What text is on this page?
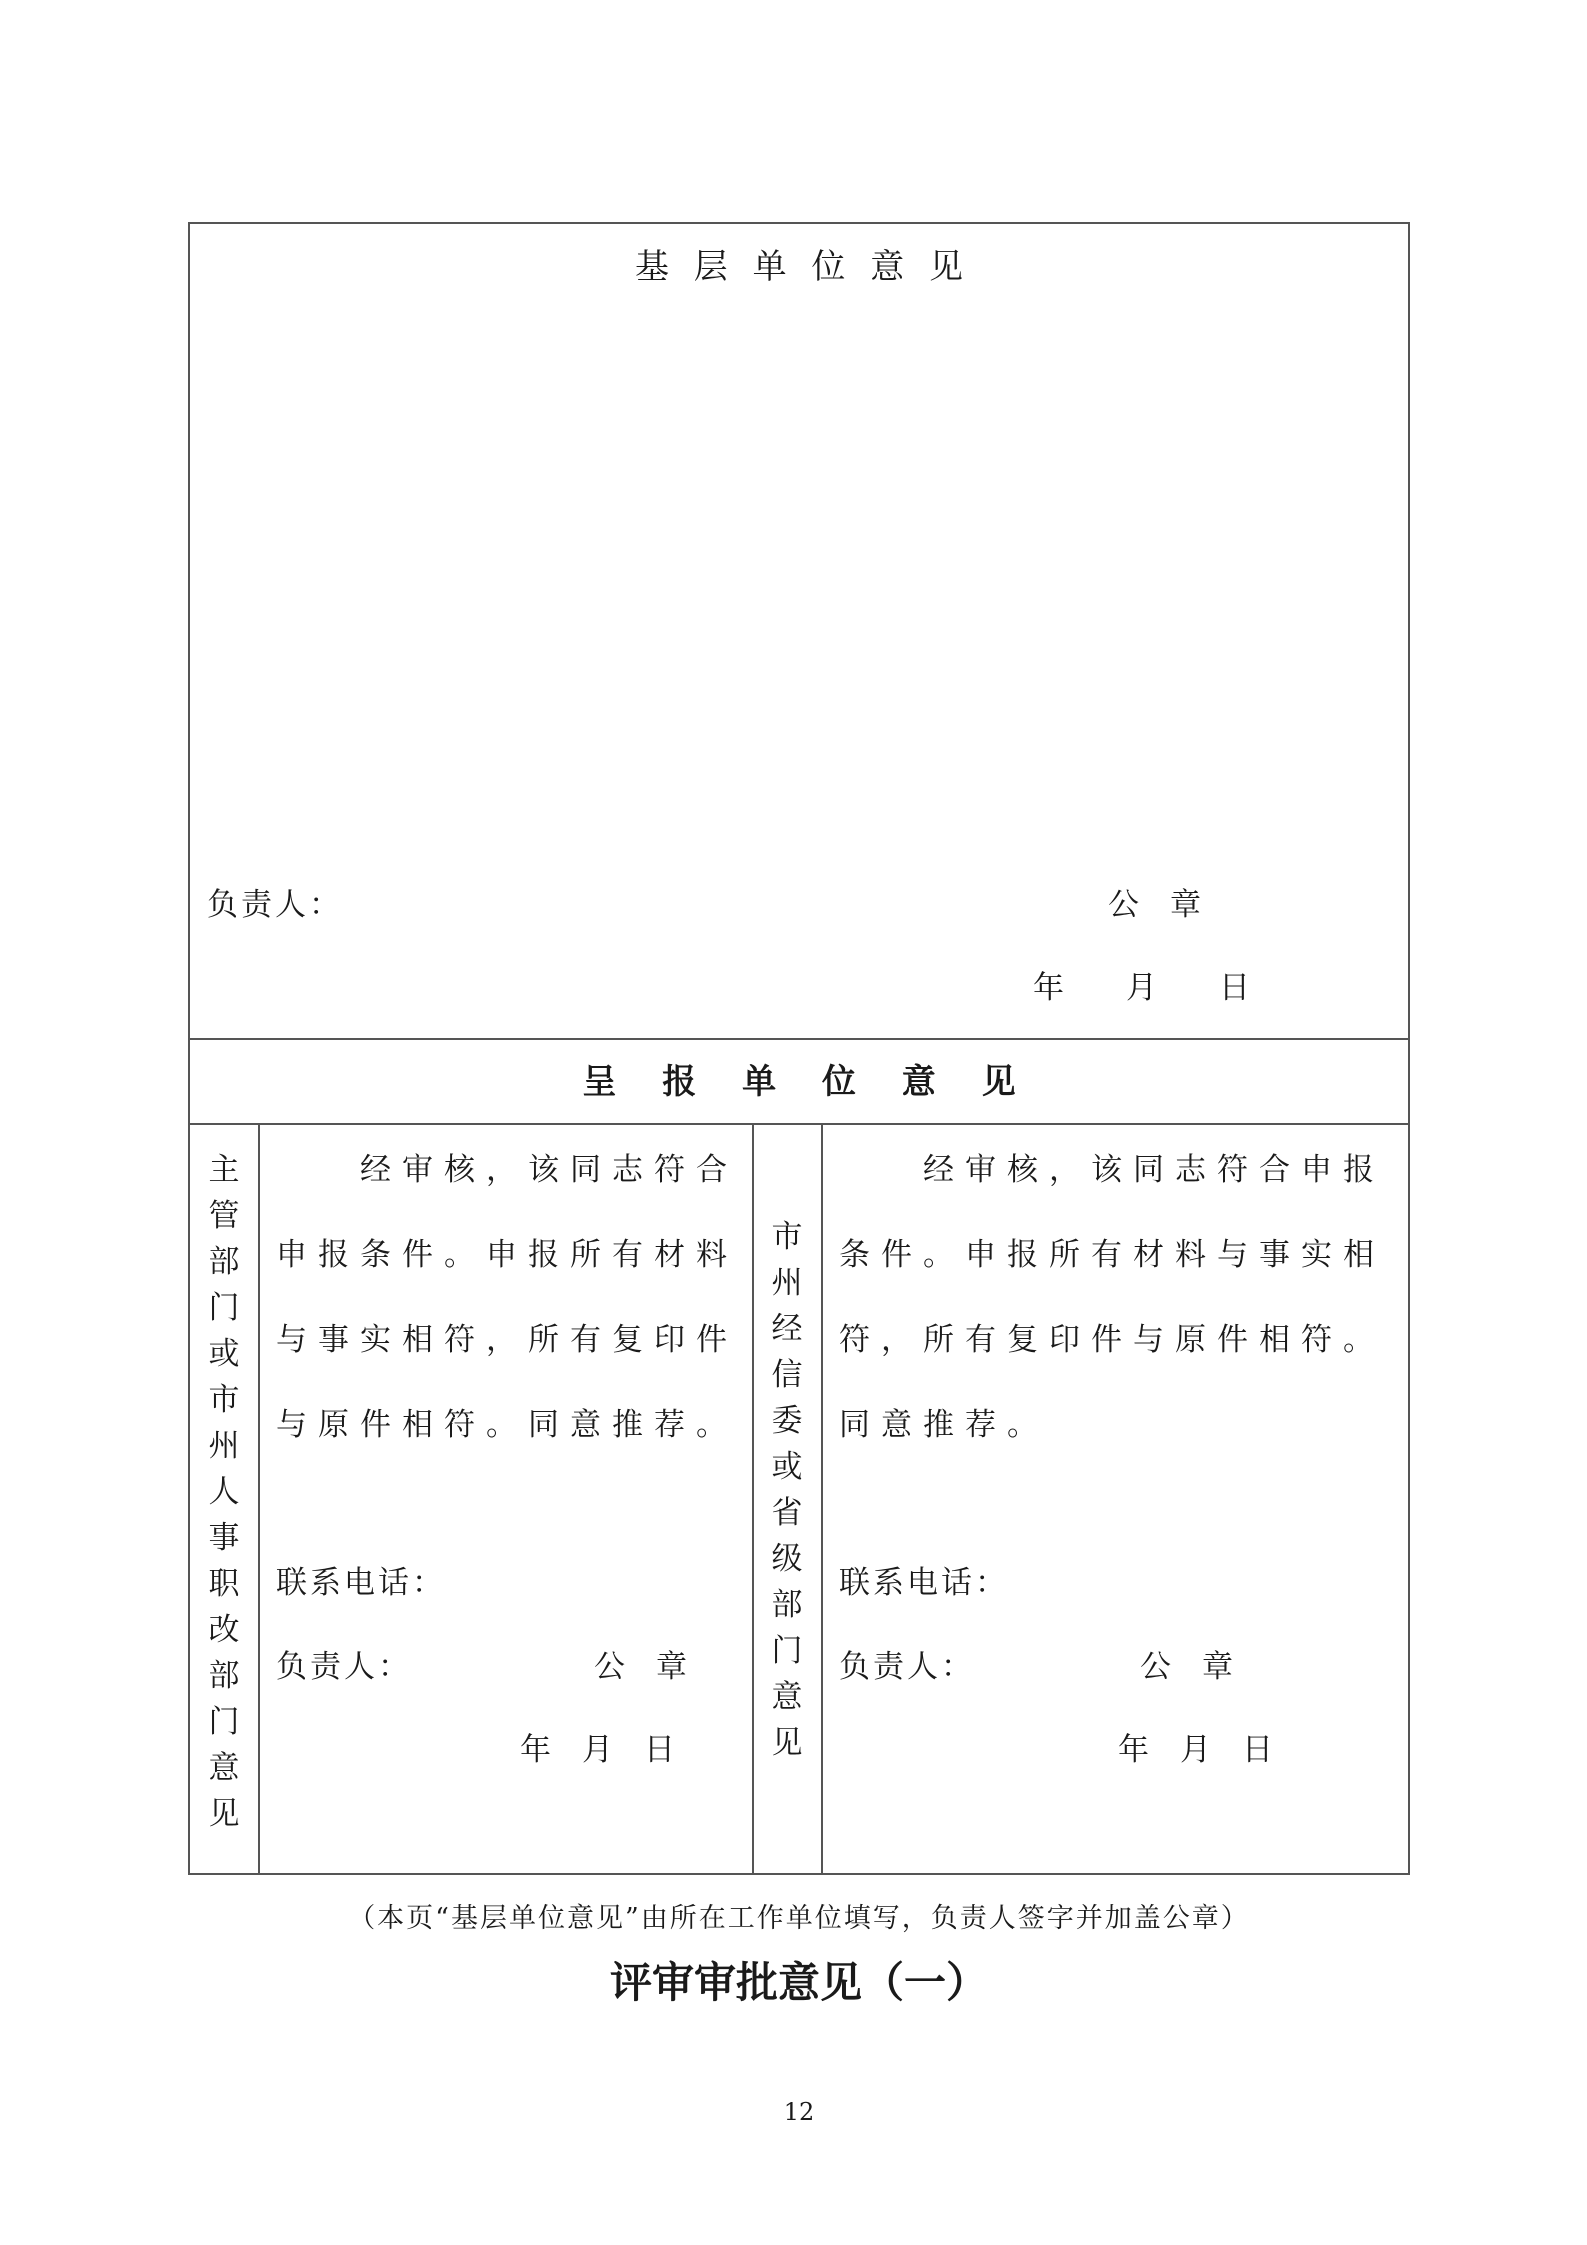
基 层 单 位 意 见
负责人：	公　章
年　　月　　日
呈 报 单 位 意 见
主
管
部
门
或
市
州
人
事
职
改
部
门
意
见
　　经审核，该同志符合申报条件。申报所有材料与事实相符，所有复印件与原件相符。同意推荐。
联系电话：
负责人：	公　章
年　月　日
市
州
经
信
委
或
省
级
部
门
意
见
　　经审核，该同志符合申报条件。申报所有材料与事实相符，所有复印件与原件相符。同意推荐。
联系电话：
负责人：	公　章
年　月　日
（本页“基层单位意见”由所在工作单位填写，负责人签字并加盖公章）
评审审批意见（一）
12
